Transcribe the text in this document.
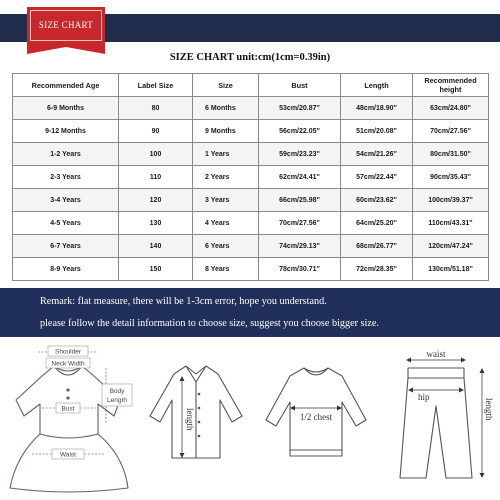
SIZE CHART
SIZE CHART unit:cm(1cm=0.39in)
Recommended Age	Label Size	Size	Bust	Length	Recommended height
6-9 Months	80	6 Months	53cm/20.87''	48cm/18.90''	63cm/24.80''
9-12 Months	90	9 Months	56cm/22.05''	51cm/20.08''	70cm/27.56''
1-2 Years	100	1 Years	59cm/23.23''	54cm/21.26''	80cm/31.50''
2-3 Years	110	2 Years	62cm/24.41''	57cm/22.44''	90cm/35.43''
3-4 Years	120	3 Years	66cm/25.98''	60cm/23.62''	100cm/39.37''
4-5 Years	130	4 Years	70cm/27.56''	64cm/25.20''	110cm/43.31''
6-7 Years	140	6 Years	74cm/29.13''	68cm/26.77''	120cm/47.24''
8-9 Years	150	8 Years	78cm/30.71''	72cm/28.35''	130cm/51.18''
Remark: flat measure, there will be 1-3cm error, hope you understand.
please follow the detail information to choose size, suggest you choose bigger size.
Shoulder
Neck Width
Bust
Waist
Body
Length
length	1/2 chest
waist
hip
length
